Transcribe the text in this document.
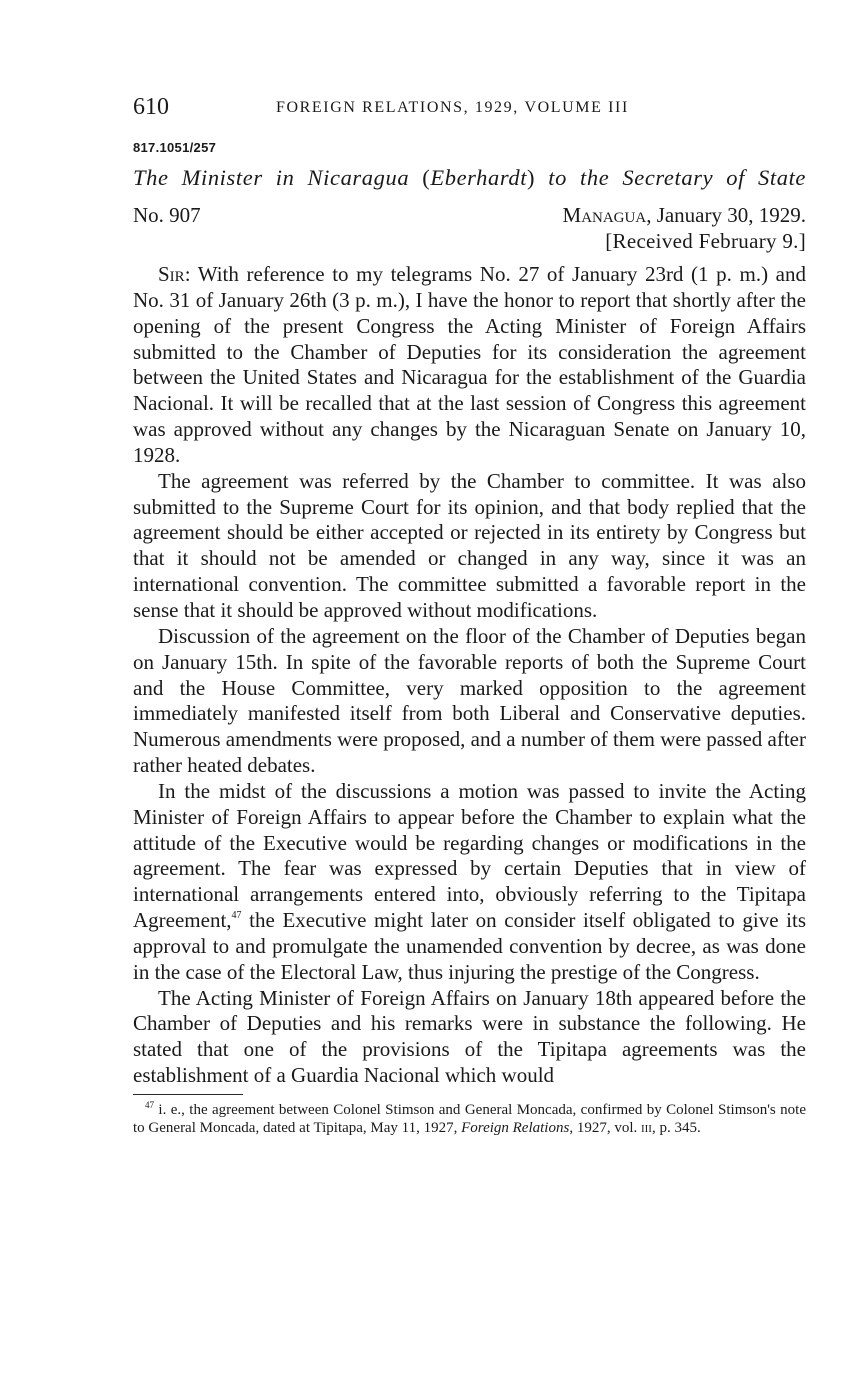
610	FOREIGN RELATIONS, 1929, VOLUME III
817.1051/257
The Minister in Nicaragua (Eberhardt) to the Secretary of State
No. 907	Managua, January 30, 1929.
[Received February 9.]

Sir: With reference to my telegrams No. 27 of January 23rd (1 p. m.) and No. 31 of January 26th (3 p. m.), I have the honor to report that shortly after the opening of the present Congress the Acting Minister of Foreign Affairs submitted to the Chamber of Deputies for its consideration the agreement between the United States and Nicaragua for the establishment of the Guardia Nacional. It will be recalled that at the last session of Congress this agreement was approved without any changes by the Nicaraguan Senate on January 10, 1928.

The agreement was referred by the Chamber to committee. It was also submitted to the Supreme Court for its opinion, and that body replied that the agreement should be either accepted or rejected in its entirety by Congress but that it should not be amended or changed in any way, since it was an international convention. The committee submitted a favorable report in the sense that it should be approved without modifications.

Discussion of the agreement on the floor of the Chamber of Deputies began on January 15th. In spite of the favorable reports of both the Supreme Court and the House Committee, very marked opposition to the agreement immediately manifested itself from both Liberal and Conservative deputies. Numerous amendments were proposed, and a number of them were passed after rather heated debates.

In the midst of the discussions a motion was passed to invite the Acting Minister of Foreign Affairs to appear before the Chamber to explain what the attitude of the Executive would be regarding changes or modifications in the agreement. The fear was expressed by certain Deputies that in view of international arrangements entered into, obviously referring to the Tipitapa Agreement,$^{47}$ the Executive might later on consider itself obligated to give its approval to and promulgate the unamended convention by decree, as was done in the case of the Electoral Law, thus injuring the prestige of the Congress.

The Acting Minister of Foreign Affairs on January 18th appeared before the Chamber of Deputies and his remarks were in substance the following. He stated that one of the provisions of the Tipitapa agreements was the establishment of a Guardia Nacional which would

$^{47}$ i. e., the agreement between Colonel Stimson and General Moncada, confirmed by Colonel Stimson's note to General Moncada, dated at Tipitapa, May 11, 1927, Foreign Relations, 1927, vol. iii, p. 345.
